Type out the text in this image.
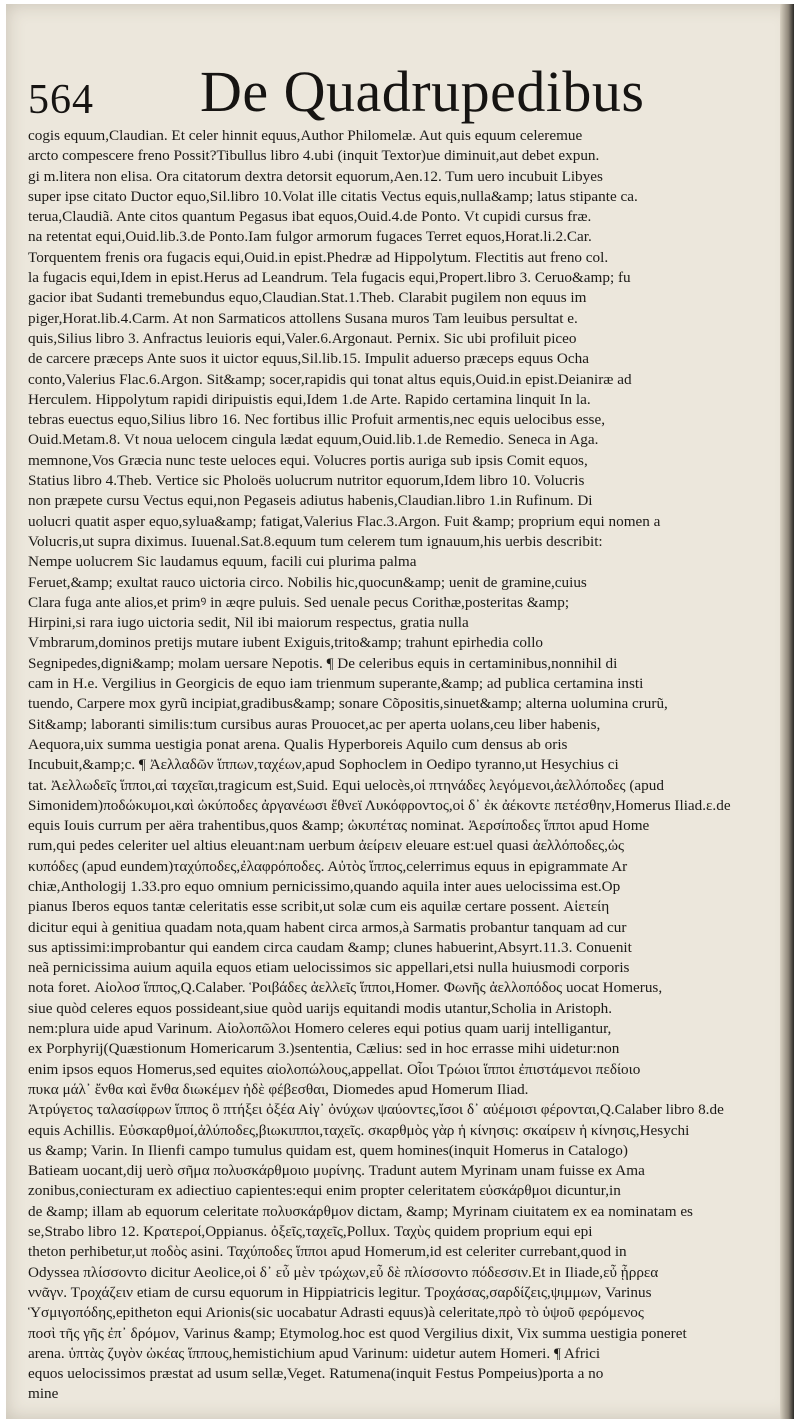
564 De Quadrupedibus

cogis equum,Claudian. Et celer hinnit equus,Author Philomelæ. Aut quis equum celeremue

arcto compescere freno Possit?Tibullus libro 4.ubi (inquit Textor)ue diminuit,aut debet expun.

gi m.litera non elisa. Ora citatorum dextra detorsit equorum,Aen.12. Tum uero incubuit Libyes

super ipse citato Ductor equo,Sil.libro 10.Volat ille citatis Vectus equis,nulla&amp; latus stipante ca.

terua,Claudiã. Ante citos quantum Pegasus ibat equos,Ouid.4.de Ponto. Vt cupidi cursus fræ.

na retentat equi,Ouid.lib.3.de Ponto.Iam fulgor armorum fugaces Terret equos,Horat.li.2.Car.

Torquentem frenis ora fugacis equi,Ouid.in epist.Phedræ ad Hippolytum. Flectitis aut freno col.

la fugacis equi,Idem in epist.Herus ad Leandrum. Tela fugacis equi,Propert.libro 3. Ceruo&amp; fu

gacior ibat Sudanti tremebundus equo,Claudian.Stat.1.Theb. Clarabit pugilem non equus im

piger,Horat.lib.4.Carm. At non Sarmaticos attollens Susana muros Tam leuibus persultat e.

quis,Silius libro 3. Anfractus leuioris equi,Valer.6.Argonaut. Pernix. Sic ubi profiluit piceo

de carcere præceps Ante suos it uictor equus,Sil.lib.15. Impulit aduerso præceps equus Ocha

conto,Valerius Flac.6.Argon. Sit&amp; socer,rapidis qui tonat altus equis,Ouid.in epist.Deianiræ ad

Herculem. Hippolytum rapidi diripuistis equi,Idem 1.de Arte. Rapido certamina linquit In la.

tebras euectus equo,Silius libro 16. Nec fortibus illic Profuit armentis,nec equis uelocibus esse,

Ouid.Metam.8. Vt noua uelocem cingula lædat equum,Ouid.lib.1.de Remedio. Seneca in Aga.

memnone,Vos Græcia nunc teste ueloces equi. Volucres portis auriga sub ipsis Comit equos,

Statius libro 4.Theb. Vertice sic Pholoës uolucrum nutritor equorum,Idem libro 10. Volucris

non præpete cursu Vectus equi,non Pegaseis adiutus habenis,Claudian.libro 1.in Rufinum. Di

uolucri quatit asper equo,sylua&amp; fatigat,Valerius Flac.3.Argon. Fuit &amp; proprium equi nomen a

Volucris,ut supra diximus. Iuuenal.Sat.8.equum tum celerem tum ignauum,his uerbis describit:

Nempe uolucrem Sic laudamus equum, facili cui plurima palma

Feruet,&amp; exultat rauco uictoria circo. Nobilis hic,quocun&amp; uenit de gramine,cuius

Clara fuga ante alios,et primꝰ in æqre puluis. Sed uenale pecus Corithæ,posteritas &amp;

Hirpini,si rara iugo uictoria sedit, Nil ibi maiorum respectus, gratia nulla

Vmbrarum,dominos pretijs mutare iubent Exiguis,trito&amp; trahunt epirhedia collo

Segnipedes,digni&amp; molam uersare Nepotis. ¶ De celeribus equis in certaminibus,nonnihil di

cam in H.e. Vergilius in Georgicis de equo iam trienmum superante,&amp; ad publica certamina insti

tuendo, Carpere mox gyrũ incipiat,gradibus&amp; sonare Cõpositis,sinuet&amp; alterna uolumina crurũ,

Sit&amp; laboranti similis:tum cursibus auras Prouocet,ac per aperta uolans,ceu liber habenis,

Aequora,uix summa uestigia ponat arena. Qualis Hyperboreis Aquilo cum densus ab oris

Incubuit,&amp;c. ¶ Ἀελλαδῶν ἵππων,ταχέων,apud Sophoclem in Oedipo tyranno,ut Hesychius ci

tat. Ἀελλωδεῖς ἵπποι,αἱ ταχεῖαι,tragicum est,Suid. Equi uelocès,οἱ πτηνάδες λεγόμενοι,ἀελλόποδες (apud

Simonidem)ποδώκυμοι,καὶ ὠκύποδες ἀργανέωσι ἔθνεϊ Λυκόφροντος,οἱ δ᾽ ἐκ ἀέκοντε πετέσθην,Homerus Iliad.ε.de

equis Iouis currum per aëra trahentibus,quos &amp; ὠκυπέτας nominat. Ἀερσίποδες ἵπποι apud Home

rum,qui pedes celeriter uel altius eleuant:nam uerbum ἀείρειν eleuare est:uel quasi ἀελλόποδες,ὡς

κυπόδες (apud eundem)ταχύποδες,ἐλαφρόποδες. Αὐτὸς ἵππος,celerrimus equus in epigrammate Ar

chiæ,Anthologij 1.33.pro equo omnium pernicissimo,quando aquila inter aues uelocissima est.Op

pianus Iberos equos tantæ celeritatis esse scribit,ut solæ cum eis aquilæ certare possent. Αἰετείη

dicitur equi à genitiua quadam nota,quam habent circa armos,à Sarmatis probantur tanquam ad cur

sus aptissimi:improbantur qui eandem circa caudam &amp; clunes habuerint,Absyrt.11.3. Conuenit

neã pernicissima auium aquila equos etiam uelocissimos sic appellari,etsi nulla huiusmodi corporis

nota foret. Αἰολοσ ἵππος,Q.Calaber. Ῥοιβάδες ἀελλεῖς ἵπποι,Homer. Φωνῆς ἀελλοπόδος uocat Homerus,

siue quòd celeres equos possideant,siue quòd uarijs equitandi modis utantur,Scholia in Aristoph.

nem:plura uide apud Varinum. Αἰολοπῶλοι Homero celeres equi potius quam uarij intelligantur,

ex Porphyrij(Quæstionum Homericarum 3.)sententia, Cælius: sed in hoc errasse mihi uidetur:non

enim ipsos equos Homerus,sed equites αἰολοπώλους,appellat. Οἷοι Τρώιοι ἵπποι ἐπιστάμενοι πεδίοιο

πυκα μάλ᾽ ἔνθα καὶ ἔνθα διωκέμεν ἠδὲ φέβεσθαι, Diomedes apud Homerum Iliad.

Ἀτρύγετος ταλασίφρων ἵππος ὃ πτήξει ὀξέα Αἰγ᾽ ὀνύχων ψαύοντες,ἴσοι δ᾽ αὐέμοισι φέρονται,Q.Calaber libro 8.de

equis Achillis. Εὐσκαρθμοί,ἀλύποδες,βιωκιπποι,ταχεῖς. σκαρθμὸς γὰρ ἡ κίνησις: σκαίρειν ἡ κίνησις,Hesychi

us &amp; Varin. In Ilienfi campo tumulus quidam est, quem homines(inquit Homerus in Catalogo)

Batieam uocant,dij uerò σῆμα πολυσκάρθμοιο μυρίνης. Tradunt autem Myrinam unam fuisse ex Ama

zonibus,coniecturam ex adiectiuo capientes:equi enim propter celeritatem εὐσκάρθμοι dicuntur,in

de &amp; illam ab equorum celeritate πολυσκάρθμον dictam, &amp; Myrinam ciuitatem ex ea nominatam es

se,Strabo libro 12. Κρατεροί,Oppianus. ὀξεῖς,ταχεῖς,Pollux. Ταχὺς quidem proprium equi epi

theton perhibetur,ut ποδὸς asini. Ταχύποδες ἵπποι apud Homerum,id est celeriter currebant,quod in

Odyssea πλίσσοντο dicitur Aeolice,οἱ δ᾽ εὖ μὲν τρώχων,εὖ δὲ πλίσσοντο πόδεσσιν.Et in Iliade,εὖ ᾖρρεα

ννᾶγν. Τροχάζειν etiam de cursu equorum in Hippiatricis legitur. Τροχάσας,σαρδίζεις,ψιμμων, Varinus

Ὑσμιγοπόδης,epitheton equi Arionis(sic uocabatur Adrasti equus)à celeritate,πρὸ τὸ ὑψοῦ φερόμενος

ποσὶ τῆς γῆς ἐπ᾽ δρόμον, Varinus &amp; Etymolog.hoc est quod Vergilius dixit, Vix summa uestigia poneret

arena. ὑπτὰς ζυγὸν ὠκέας ἵππους,hemistichium apud Varinum: uidetur autem Homeri. ¶ Africi

equos uelocissimos præstat ad usum sellæ,Veget. Ratumena(inquit Festus Pompeius)porta a no

mine
